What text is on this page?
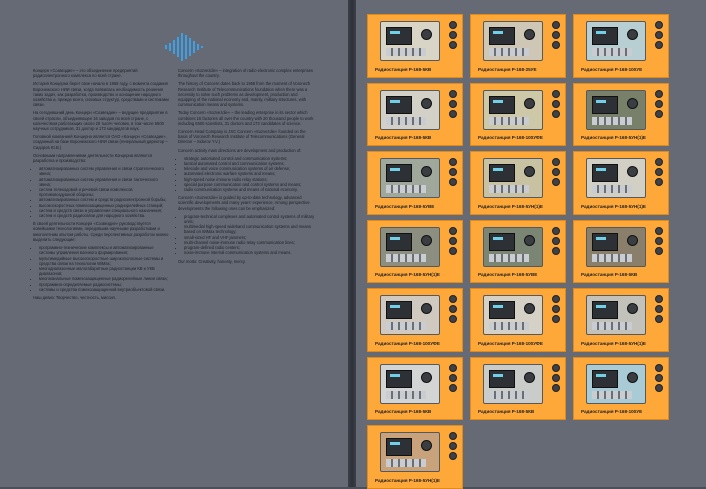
Концерн «Созвездие» – это объединение предприятий радиоэлектронного комплекса по всей стране.

История Концерна берет свое начало в 1958 году, с момента создания Воронежского НИИ связи, когда появилась необходимость решения таких задач, как разработка, производство и оснащение народного хозяйства и, прежде всего, силовых структур, средствами и системами связи.

На сегодняшний день Концерн «Созвездие» – ведущее предприятие в своей отрасли, объединяющее 16 заводов по всей стране, с количеством работающих около 20 тысяч человек, в том числе 6500 научных сотрудников, 31 доктор и 173 кандидатов наук.

Головной компанией Концерна является ОАО «Концерн «Созвездие», созданный на базе Воронежского НИИ связи (генеральный директор – Сидоров Ю.В.)

Основными направлениями деятельности Концерна являются разработка и производство:

• автоматизированных систем управления и связи стратегического звена;
• автоматизированных систем управления и связи тактического звена;
• систем телекодовой и речевой связи комплексов противовоздушной обороны;
• автоматизированных систем и средств радиоэлектронной борьбы;
• высокоскоростных помехозащищенных радиорелейных станций;
• систем и средств связи и управления специального назначения;
• систем и средств радиосвязи для народного хозяйства.

В своей деятельности Концерн «Созвездие» руководствуется новейшими технологиями, передовыми научными разработками и многолетним опытом работы. Среди перспективных разработок можно выделить следующие:

• программно-технические комплексы и автоматизированные системы управления военного формирования;
• мультимедийные высокоскоростные широкополосные системы и средства связи на технологии WiMax;
• многодиапазонные малогабаритные радиостанции КВ и УКВ диапазонов;
• многоканальные помехозащищенные радиорелейные линии связи;
• программно-определяемые радиосистемы;
• системы и средства помехозащищенной внутриобъектовой связи.

Наш девиз: Творчество, честность, миссия.

Concern «Sozvezdie» – integration of radio electronic complex enterprises throughout the country.

The history of Concern dates back to 1958 from the moment of Voronezh Research Institute of Telecommunications foundation when there was a necessity to solve such problems as development, production and equipping of the national economy and, mainly, military structures, with communication means and systems.

Today Concern «Sozvezdie» – the leading enterprise in its sector which combines 16 factories all over the country with 20 thousand people to work including 6500 scientists, 31 doctors and 173 candidates of science.

Concern Head Company is JSC Concern «Sozvezdie» founded on the basis of Voronezh Research Institute of Telecommunications (General Director – Sidorov Y.V.)

Concern activity main directions are development and production of:

• strategic automated control and communication systems;
• tactical automated control and communication systems;
• telecode and voice communication systems of air defense;
• automated electronic warfare systems and means;
• high-speed noise immune radio relay stations;
• special purpose communication and control systems and means;
• radio communication systems and means of national economy.

Concern «Sozvezdie» is guided by up-to-date technology, advanced scientific developments and many years' experience. Among perspective developments the following ones can be emphasized:

• program-technical complexes and automated control systems of military units;
• multimedial high-speed wideband communication systems and means based on WiMax technology;
• small-sized HF and VHF jammers;
• multi-channel noise-immune radio relay communication lines;
• program-defined radio centers;
• noise-immune internal communication systems and means.

Our motto: Creativity, honesty, mercy.

Радиостанция Р-168-5КВ	Радиостанция Р-168-25УЕ	Радиостанция Р-168-100УЕ
Радиостанция Р-168-5КВ	Радиостанция Р-168-100УФЕ	Радиостанция Р-168-5УН(1)Е
Радиостанция Р-168-5УВЕ	Радиостанция Р-168-5УН(1)Е	Радиостанция Р-168-5УН(1)Е
Радиостанция Р-168-5УН(1)Е	Радиостанция Р-168-5УВЕ	Радиостанция Р-168-5КВ
Радиостанция Р-168-100УФЕ	Радиостанция Р-168-100УФЕ	Радиостанция Р-168-5УН(1)Е
Радиостанция Р-168-5КВ	Радиостанция Р-168-5КВ	Радиостанция Р-168-100УЕ
Радиостанция Р-168-5УН(1)Е
